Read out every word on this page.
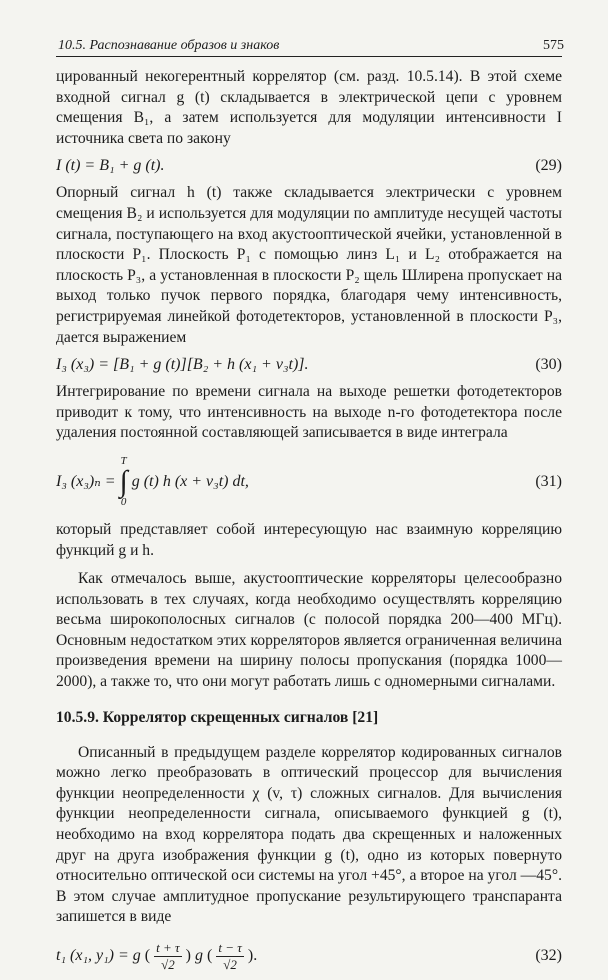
10.5. Распознавание образов и знаков	575

цированный некогерентный коррелятор (см. разд. 10.5.14). В этой схеме входной сигнал g (t) складывается в электрической цепи с уровнем смещения B₁, а затем используется для модуляции интенсивности I источника света по закону

I (t) = B₁ + g (t).	(29)

Опорный сигнал h (t) также складывается электрически с уровнем смещения B₂ и используется для модуляции по амплитуде несущей частоты сигнала, поступающего на вход акустооптической ячейки, установленной в плоскости P₁. Плоскость P₁ с помощью линз L₁ и L₂ отображается на плоскость P₃, а установленная в плоскости P₂ щель Шлирена пропускает на выход только пучок первого порядка, благодаря чему интенсивность, регистрируемая линейкой фотодетекторов, установленной в плоскости P₃, дается выражением

I₃ (x₃) = [B₁ + g (t)][B₂ + h (x₁ + v₃t)].	(30)

Интегрирование по времени сигнала на выходе решетки фотодетекторов приводит к тому, что интенсивность на выходе n-го фотодетектора после удаления постоянной составляющей записывается в виде интеграла

I₃ (x₃)ₙ =
T
∫
0
g (t) h (x + v₃t) dt,	(31)

который представляет собой интересующую нас взаимную корреляцию функций g и h.

Как отмечалось выше, акустооптические корреляторы целесообразно использовать в тех случаях, когда необходимо осуществлять корреляцию весьма широкополосных сигналов (с полосой порядка 200—400 МГц). Основным недостатком этих корреляторов является ограниченная величина произведения времени на ширину полосы пропускания (порядка 1000—2000), а также то, что они могут работать лишь с одномерными сигналами.

10.5.9. Коррелятор скрещенных сигналов [21]

Описанный в предыдущем разделе коррелятор кодированных сигналов можно легко преобразовать в оптический процессор для вычисления функции неопределенности χ (v, τ) сложных сигналов. Для вычисления функции неопределенности сигнала, описываемого функцией g (t), необходимо на вход коррелятора подать два скрещенных и наложенных друг на друга изображения функции g (t), одно из которых повернуто относительно оптической оси системы на угол +45°, а второе на угол —45°. В этом случае амплитудное пропускание результирующего транспаранта запишется в виде

t₁ (x₁, y₁) = g ( $\frac{t + \tau}{√2}$ ) g ( $\frac{t - \tau}{√2}$ ).	(32)
